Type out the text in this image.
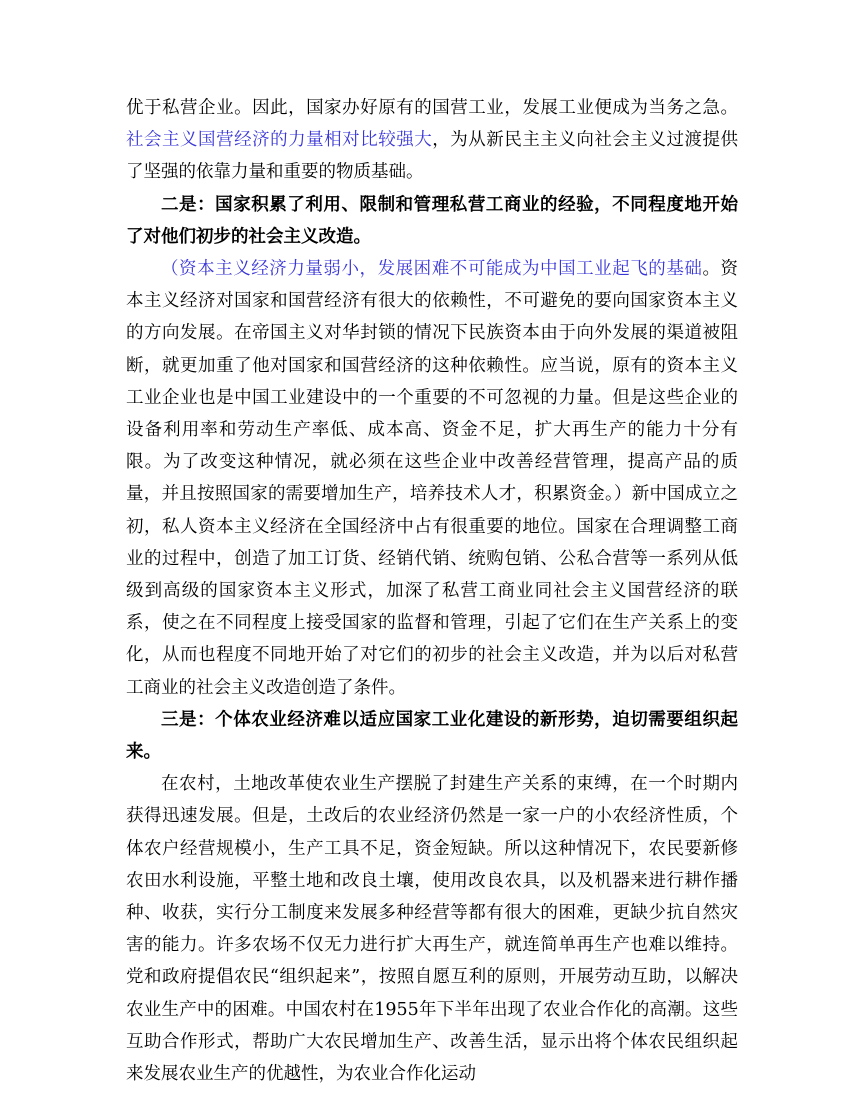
优于私营企业。因此，国家办好原有的国营工业，发展工业便成为当务之急。社会主义国营经济的力量相对比较强大，为从新民主主义向社会主义过渡提供了坚强的依靠力量和重要的物质基础。

二是：国家积累了利用、限制和管理私营工商业的经验，不同程度地开始了对他们初步的社会主义改造。

（资本主义经济力量弱小，发展困难不可能成为中国工业起飞的基础。资本主义经济对国家和国营经济有很大的依赖性，不可避免的要向国家资本主义的方向发展。在帝国主义对华封锁的情况下民族资本由于向外发展的渠道被阻断，就更加重了他对国家和国营经济的这种依赖性。应当说，原有的资本主义工业企业也是中国工业建设中的一个重要的不可忽视的力量。但是这些企业的设备利用率和劳动生产率低、成本高、资金不足，扩大再生产的能力十分有限。为了改变这种情况，就必须在这些企业中改善经营管理，提高产品的质量，并且按照国家的需要增加生产，培养技术人才，积累资金。）新中国成立之初，私人资本主义经济在全国经济中占有很重要的地位。国家在合理调整工商业的过程中，创造了加工订货、经销代销、统购包销、公私合营等一系列从低级到高级的国家资本主义形式，加深了私营工商业同社会主义国营经济的联系，使之在不同程度上接受国家的监督和管理，引起了它们在生产关系上的变化，从而也程度不同地开始了对它们的初步的社会主义改造，并为以后对私营工商业的社会主义改造创造了条件。

三是：个体农业经济难以适应国家工业化建设的新形势，迫切需要组织起来。

在农村，土地改革使农业生产摆脱了封建生产关系的束缚，在一个时期内获得迅速发展。但是，土改后的农业经济仍然是一家一户的小农经济性质，个体农户经营规模小，生产工具不足，资金短缺。所以这种情况下，农民要新修农田水利设施，平整土地和改良土壤，使用改良农具，以及机器来进行耕作播种、收获，实行分工制度来发展多种经营等都有很大的困难，更缺少抗自然灾害的能力。许多农场不仅无力进行扩大再生产，就连简单再生产也难以维持。党和政府提倡农民“组织起来”，按照自愿互利的原则，开展劳动互助，以解决农业生产中的困难。中国农村在1955年下半年出现了农业合作化的高潮。这些互助合作形式，帮助广大农民增加生产、改善生活，显示出将个体农民组织起来发展农业生产的优越性，为农业合作化运动
